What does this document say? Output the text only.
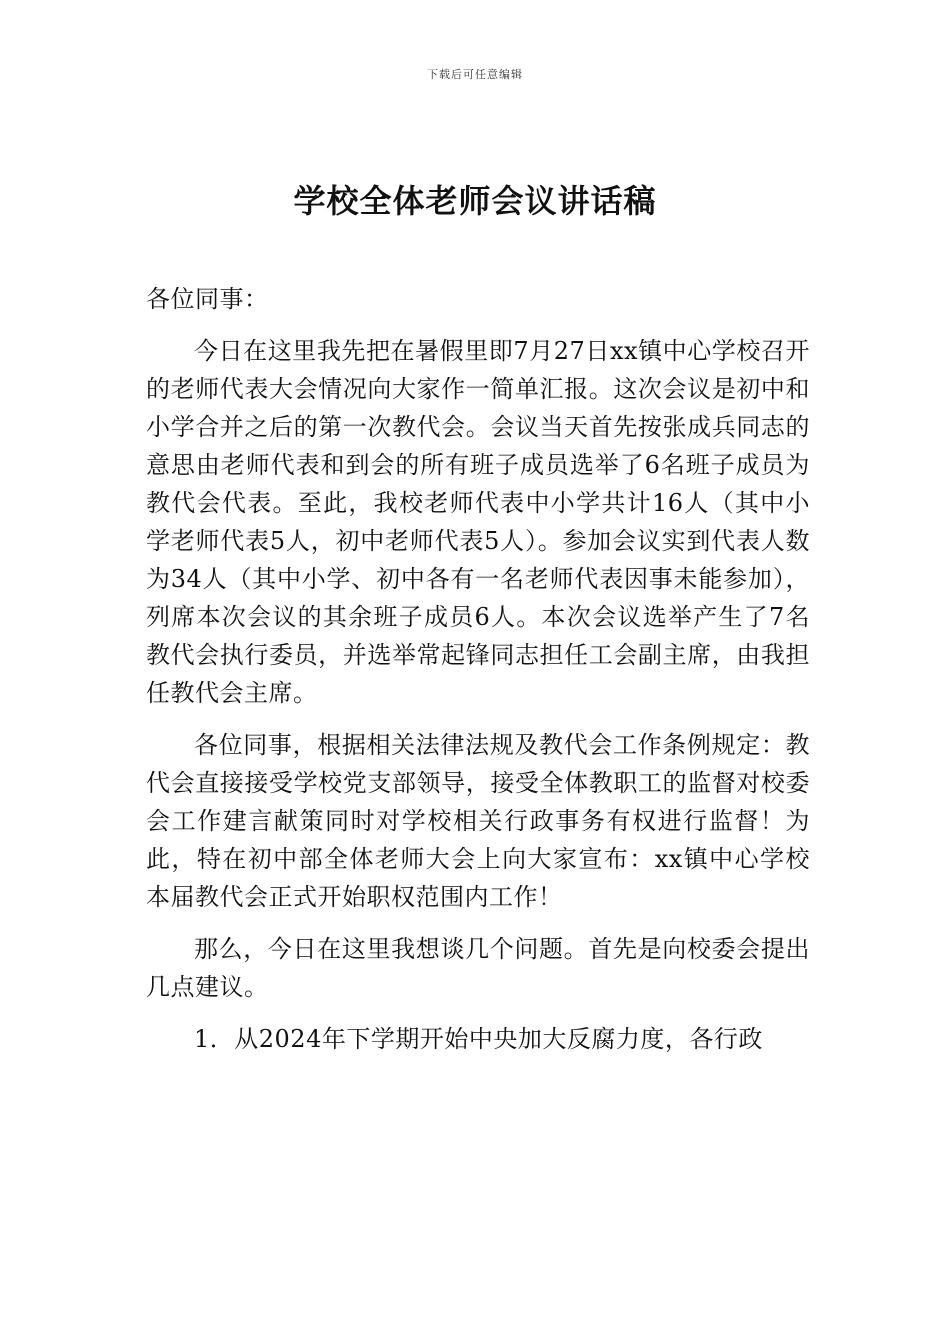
下载后可任意编辑
学校全体老师会议讲话稿

各位同事：

今日在这里我先把在暑假里即7月27日xx镇中心学校召开的老师代表大会情况向大家作一简单汇报。这次会议是初中和小学合并之后的第一次教代会。会议当天首先按张成兵同志的意思由老师代表和到会的所有班子成员选举了6名班子成员为教代会代表。至此，我校老师代表中小学共计16人（其中小学老师代表5人，初中老师代表5人）。参加会议实到代表人数为34人（其中小学、初中各有一名老师代表因事未能参加），列席本次会议的其余班子成员6人。本次会议选举产生了7名教代会执行委员，并选举常起锋同志担任工会副主席，由我担任教代会主席。

各位同事，根据相关法律法规及教代会工作条例规定：教代会直接接受学校党支部领导，接受全体教职工的监督对校委会工作建言献策同时对学校相关行政事务有权进行监督！为此，特在初中部全体老师大会上向大家宣布：xx镇中心学校本届教代会正式开始职权范围内工作！

那么，今日在这里我想谈几个问题。首先是向校委会提出几点建议。

1．从2024年下学期开始中央加大反腐力度，各行政
